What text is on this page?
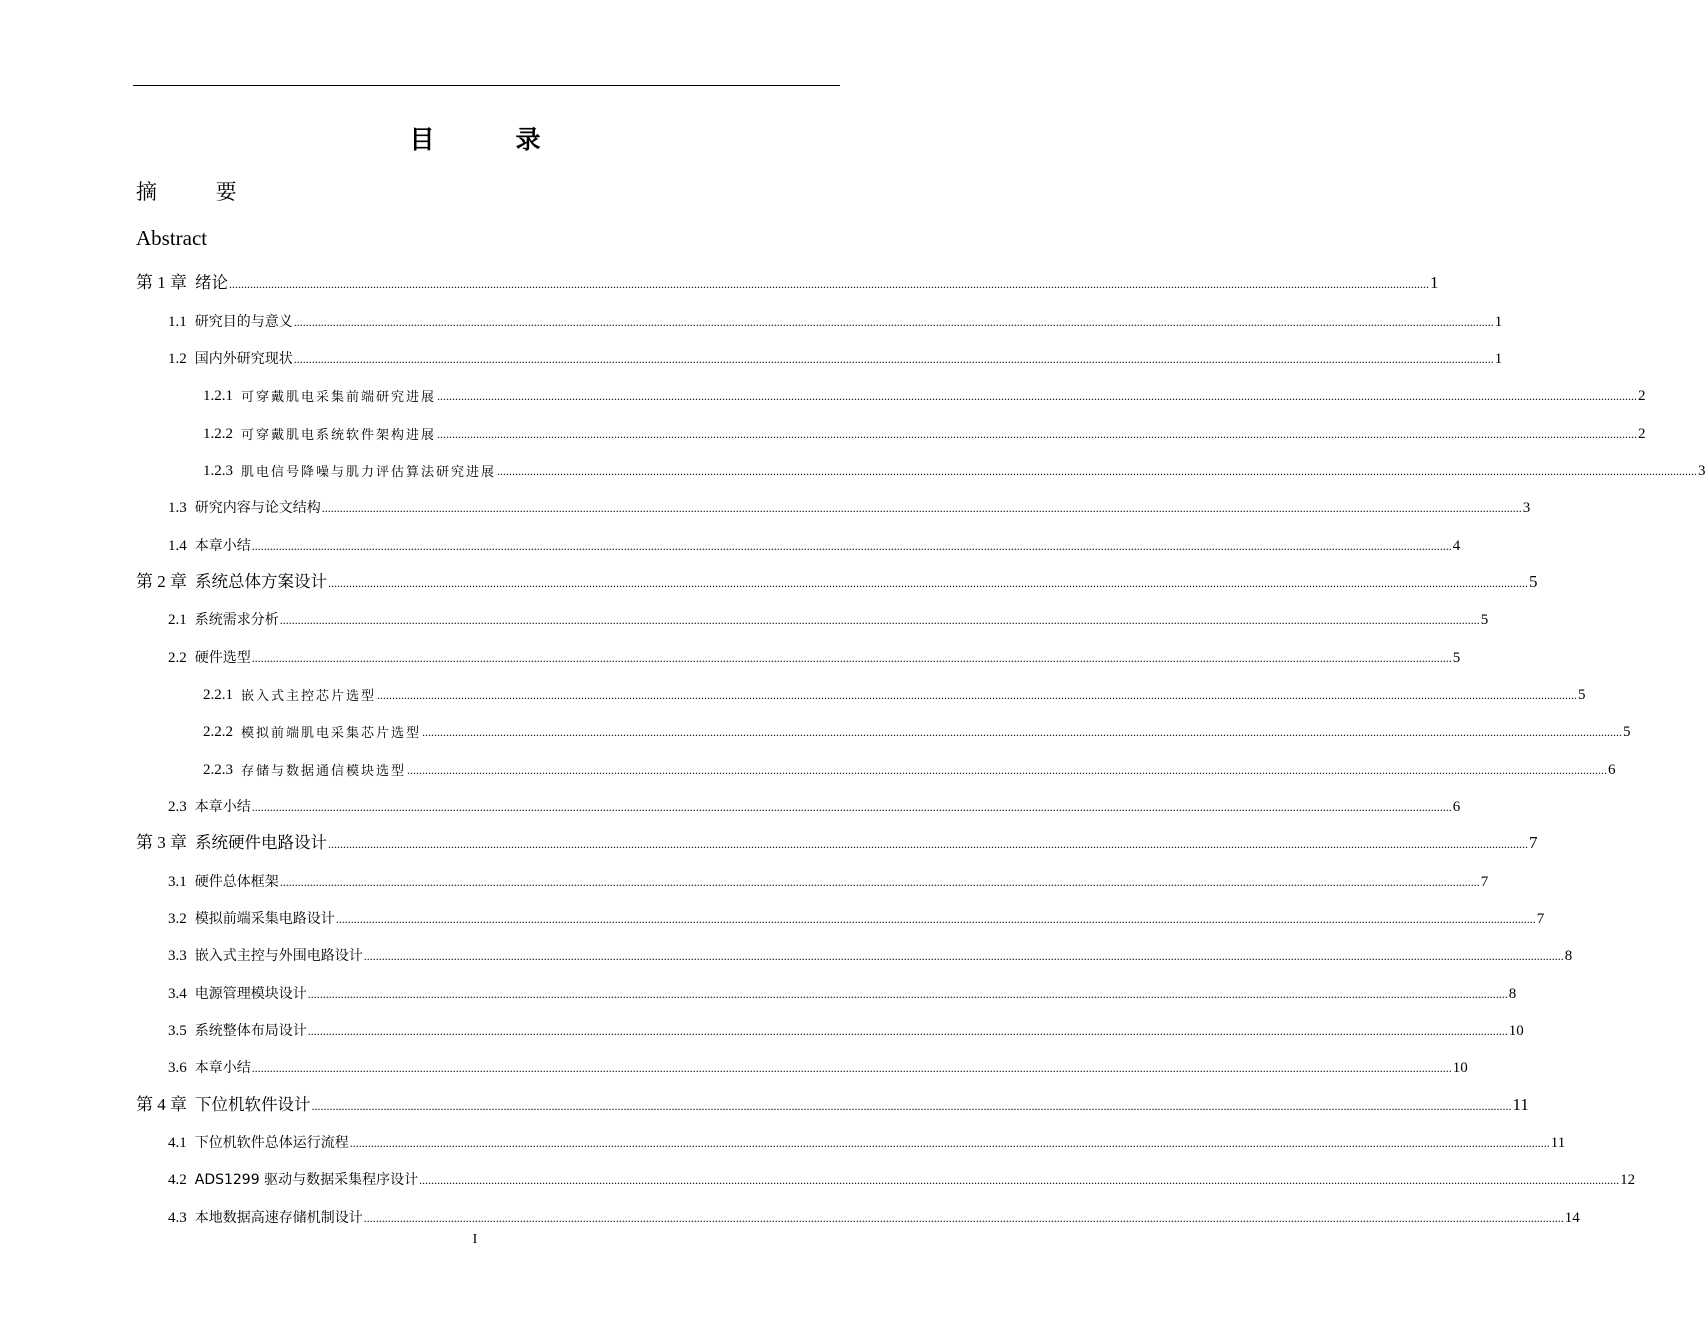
目　录
摘 要
Abstract
第 1 章 绪论 ................................................................................................................................................................................................................................................................................................................................................................................................................ 1
1.1 研究目的与意义 ................................................................................................................................................................................................................................................................................................................................................................................................................ 1
1.2 国内外研究现状 ................................................................................................................................................................................................................................................................................................................................................................................................................ 1
1.2.1 可穿戴肌电采集前端研究进展 ................................................................................................................................................................................................................................................................................................................................................................................................................ 2
1.2.2 可穿戴肌电系统软件架构进展 ................................................................................................................................................................................................................................................................................................................................................................................................................ 2
1.2.3 肌电信号降噪与肌力评估算法研究进展 ................................................................................................................................................................................................................................................................................................................................................................................................................ 3
1.3 研究内容与论文结构 ................................................................................................................................................................................................................................................................................................................................................................................................................ 3
1.4 本章小结 ................................................................................................................................................................................................................................................................................................................................................................................................................ 4
第 2 章 系统总体方案设计 ................................................................................................................................................................................................................................................................................................................................................................................................................ 5
2.1 系统需求分析 ................................................................................................................................................................................................................................................................................................................................................................................................................ 5
2.2 硬件选型 ................................................................................................................................................................................................................................................................................................................................................................................................................ 5
2.2.1 嵌入式主控芯片选型 ................................................................................................................................................................................................................................................................................................................................................................................................................ 5
2.2.2 模拟前端肌电采集芯片选型 ................................................................................................................................................................................................................................................................................................................................................................................................................ 5
2.2.3 存储与数据通信模块选型 ................................................................................................................................................................................................................................................................................................................................................................................................................ 6
2.3 本章小结 ................................................................................................................................................................................................................................................................................................................................................................................................................ 6
第 3 章 系统硬件电路设计 ................................................................................................................................................................................................................................................................................................................................................................................................................ 7
3.1 硬件总体框架 ................................................................................................................................................................................................................................................................................................................................................................................................................ 7
3.2 模拟前端采集电路设计 ................................................................................................................................................................................................................................................................................................................................................................................................................ 7
3.3 嵌入式主控与外围电路设计 ................................................................................................................................................................................................................................................................................................................................................................................................................ 8
3.4 电源管理模块设计 ................................................................................................................................................................................................................................................................................................................................................................................................................ 8
3.5 系统整体布局设计 ................................................................................................................................................................................................................................................................................................................................................................................................................ 10
3.6 本章小结 ................................................................................................................................................................................................................................................................................................................................................................................................................ 10
第 4 章 下位机软件设计 ................................................................................................................................................................................................................................................................................................................................................................................................................ 11
4.1 下位机软件总体运行流程 ................................................................................................................................................................................................................................................................................................................................................................................................................ 11
4.2 ADS1299 驱动与数据采集程序设计 ................................................................................................................................................................................................................................................................................................................................................................................................................ 12
4.3 本地数据高速存储机制设计 ................................................................................................................................................................................................................................................................................................................................................................................................................ 14
I
